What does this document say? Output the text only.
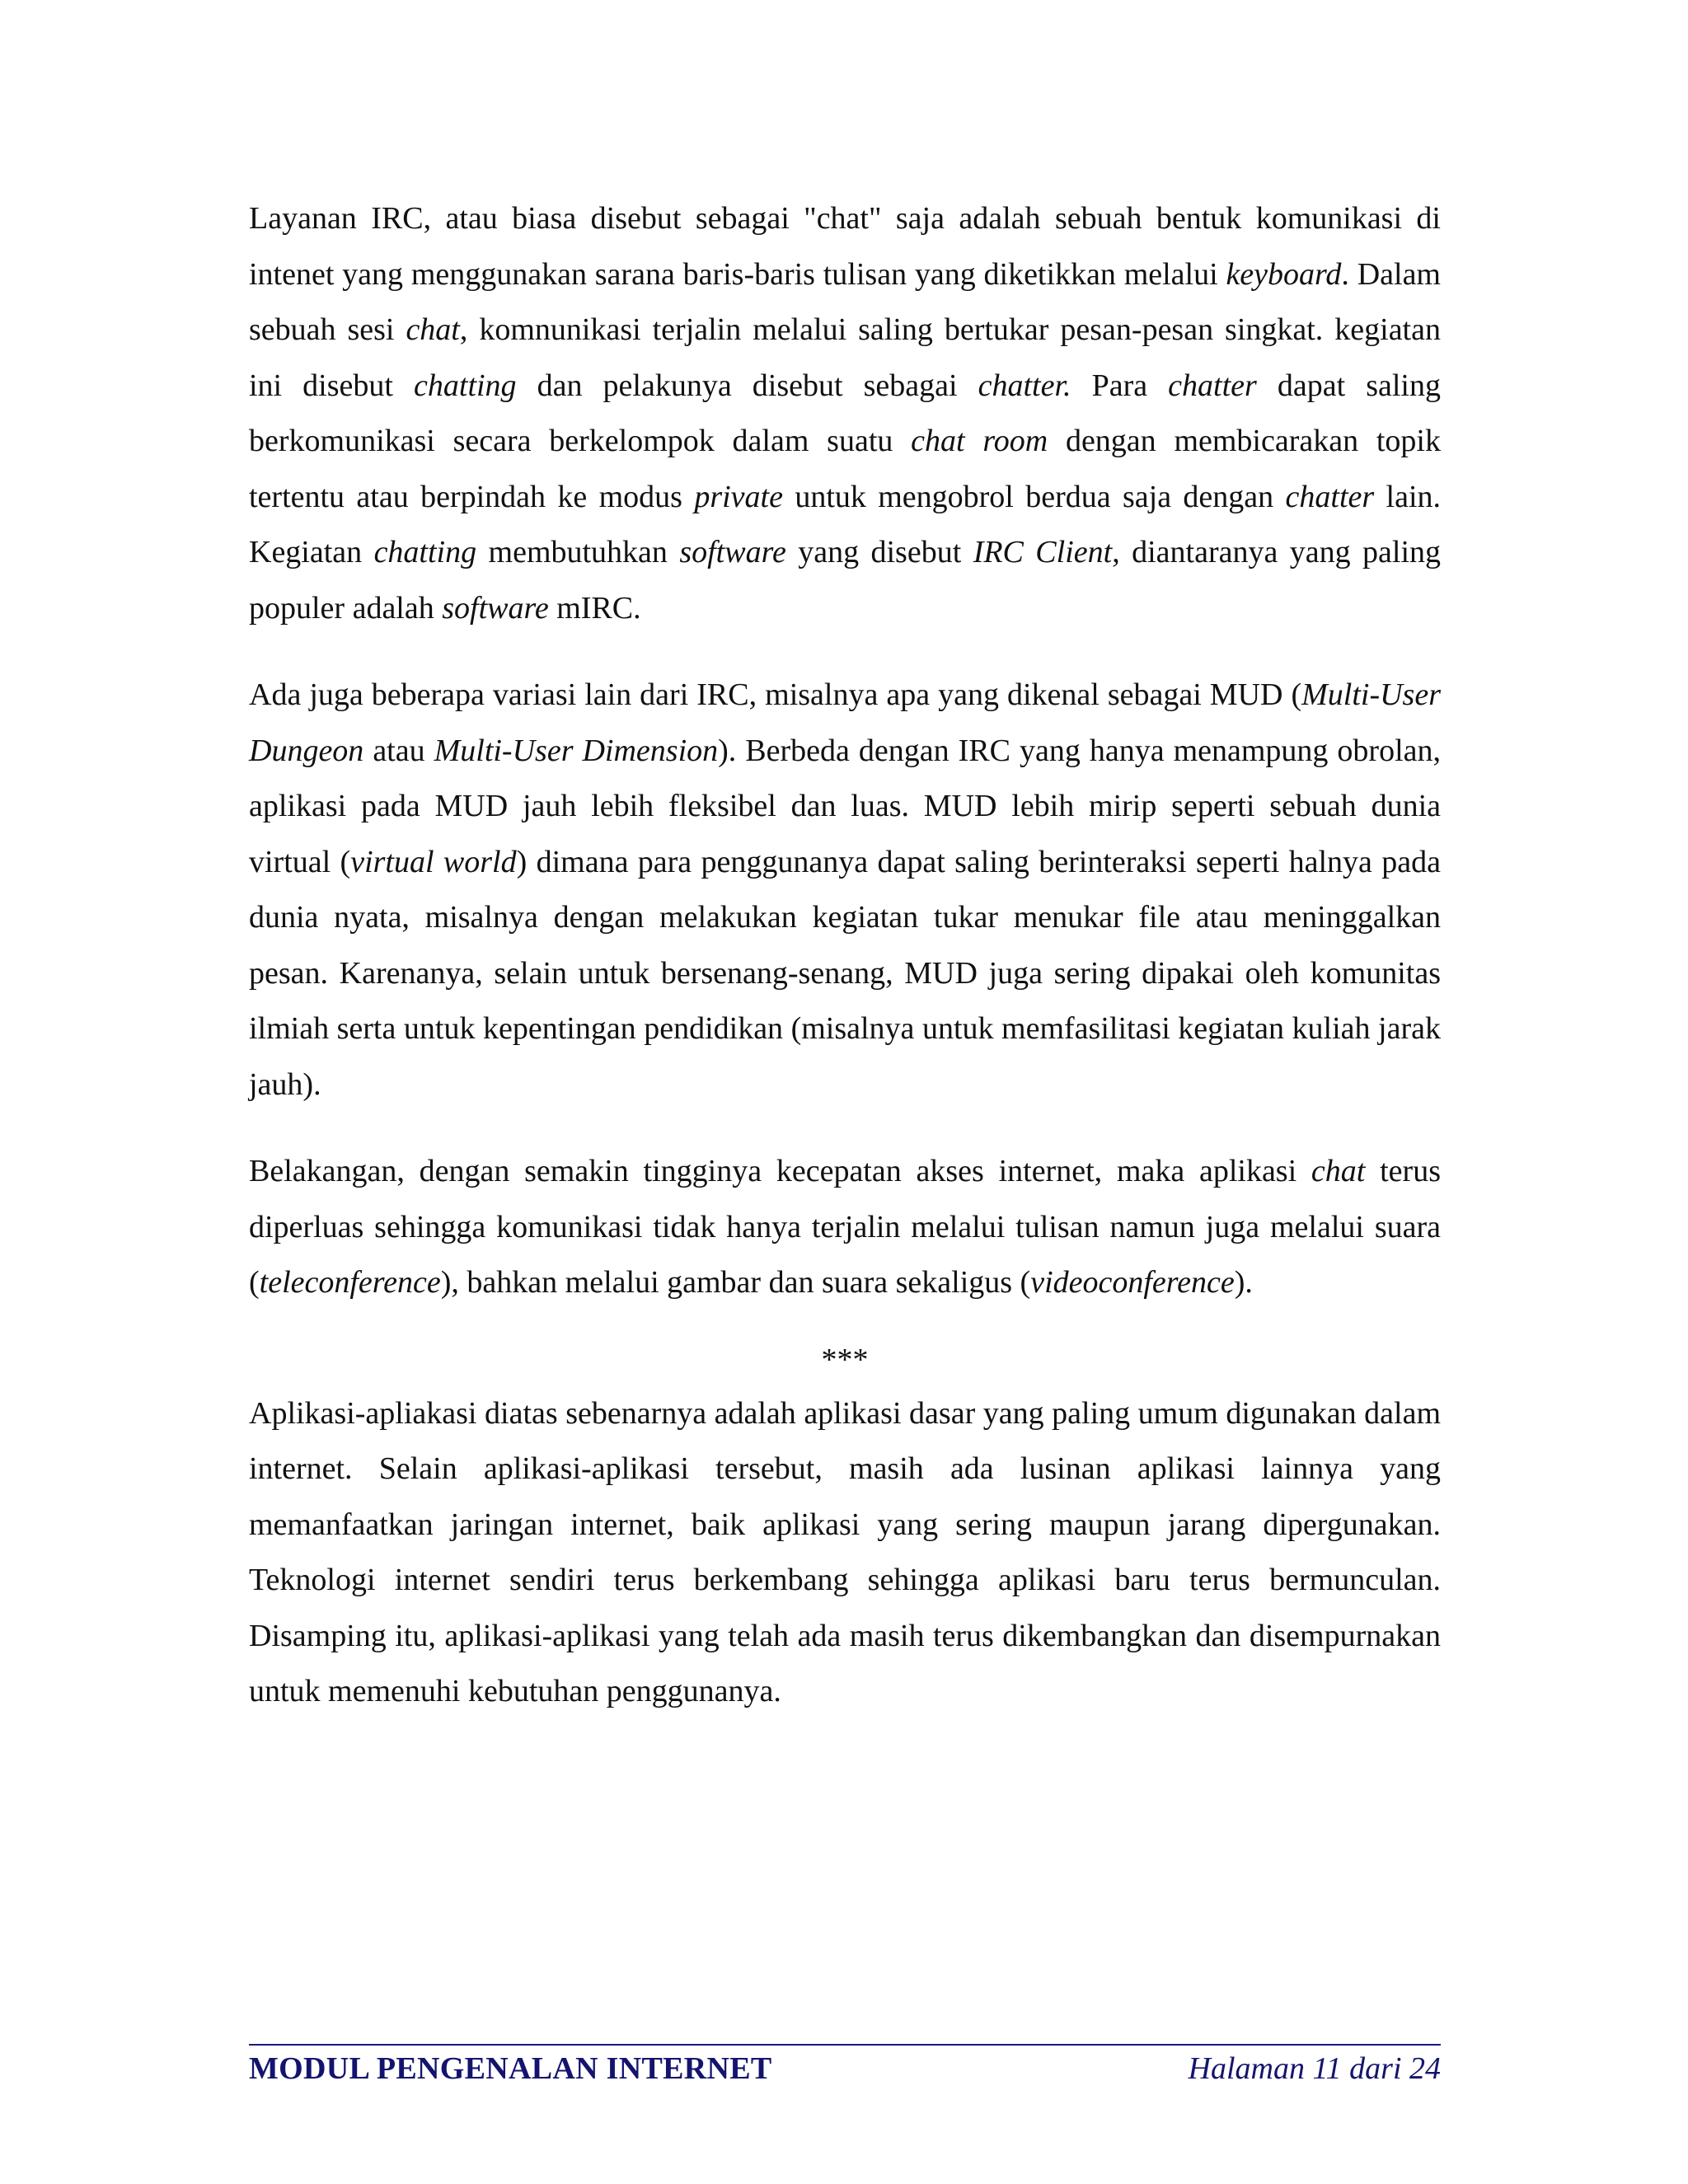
Layanan IRC, atau biasa disebut sebagai "chat" saja adalah sebuah bentuk komunikasi di intenet yang menggunakan sarana baris-baris tulisan yang diketikkan melalui keyboard. Dalam sebuah sesi chat, komnunikasi terjalin melalui saling bertukar pesan-pesan singkat. kegiatan ini disebut chatting dan pelakunya disebut sebagai chatter. Para chatter dapat saling berkomunikasi secara berkelompok dalam suatu chat room dengan membicarakan topik tertentu atau berpindah ke modus private untuk mengobrol berdua saja dengan chatter lain. Kegiatan chatting membutuhkan software yang disebut IRC Client, diantaranya yang paling populer adalah software mIRC.

Ada juga beberapa variasi lain dari IRC, misalnya apa yang dikenal sebagai MUD (Multi-User Dungeon atau Multi-User Dimension). Berbeda dengan IRC yang hanya menampung obrolan, aplikasi pada MUD jauh lebih fleksibel dan luas. MUD lebih mirip seperti sebuah dunia virtual (virtual world) dimana para penggunanya dapat saling berinteraksi seperti halnya pada dunia nyata, misalnya dengan melakukan kegiatan tukar menukar file atau meninggalkan pesan. Karenanya, selain untuk bersenang-senang, MUD juga sering dipakai oleh komunitas ilmiah serta untuk kepentingan pendidikan (misalnya untuk memfasilitasi kegiatan kuliah jarak jauh).

Belakangan, dengan semakin tingginya kecepatan akses internet, maka aplikasi chat terus diperluas sehingga komunikasi tidak hanya terjalin melalui tulisan namun juga melalui suara (teleconference), bahkan melalui gambar dan suara sekaligus (videoconference).

***

Aplikasi-apliakasi diatas sebenarnya adalah aplikasi dasar yang paling umum digunakan dalam internet. Selain aplikasi-aplikasi tersebut, masih ada lusinan aplikasi lainnya yang memanfaatkan jaringan internet, baik aplikasi yang sering maupun jarang dipergunakan. Teknologi internet sendiri terus berkembang sehingga aplikasi baru terus bermunculan. Disamping itu, aplikasi-aplikasi yang telah ada masih terus dikembangkan dan disempurnakan untuk memenuhi kebutuhan penggunanya.

MODUL PENGENALAN INTERNET	Halaman 11 dari 24
